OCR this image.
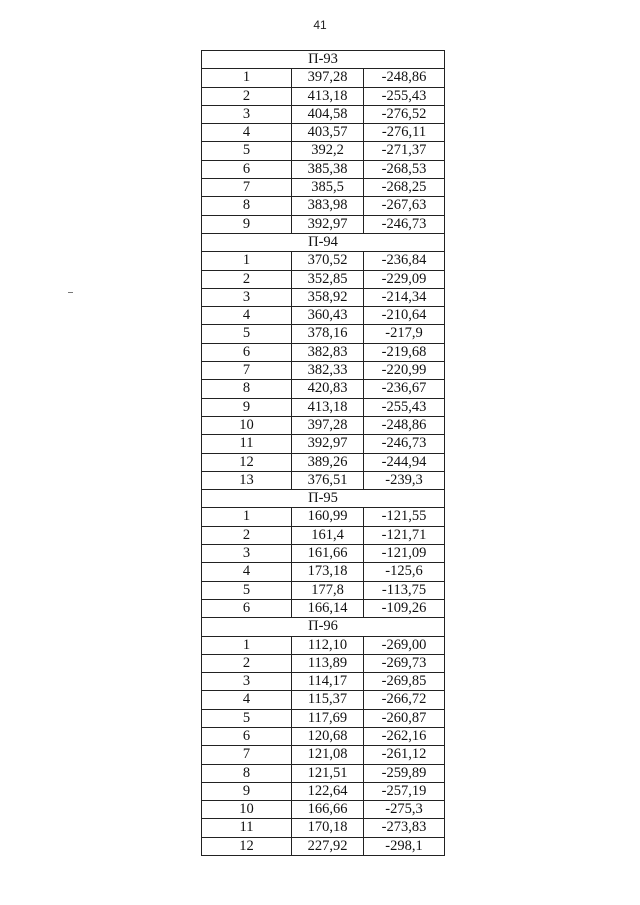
41
П-93		
1	397,28	-248,86
2	413,18	-255,43
3	404,58	-276,52
4	403,57	-276,11
5	392,2	-271,37
6	385,38	-268,53
7	385,5	-268,25
8	383,98	-267,63
9	392,97	-246,73
П-94		
1	370,52	-236,84
2	352,85	-229,09
3	358,92	-214,34
4	360,43	-210,64
5	378,16	-217,9
6	382,83	-219,68
7	382,33	-220,99
8	420,83	-236,67
9	413,18	-255,43
10	397,28	-248,86
11	392,97	-246,73
12	389,26	-244,94
13	376,51	-239,3
П-95		
1	160,99	-121,55
2	161,4	-121,71
3	161,66	-121,09
4	173,18	-125,6
5	177,8	-113,75
6	166,14	-109,26
П-96		
1	112,10	-269,00
2	113,89	-269,73
3	114,17	-269,85
4	115,37	-266,72
5	117,69	-260,87
6	120,68	-262,16
7	121,08	-261,12
8	121,51	-259,89
9	122,64	-257,19
10	166,66	-275,3
11	170,18	-273,83
12	227,92	-298,1
